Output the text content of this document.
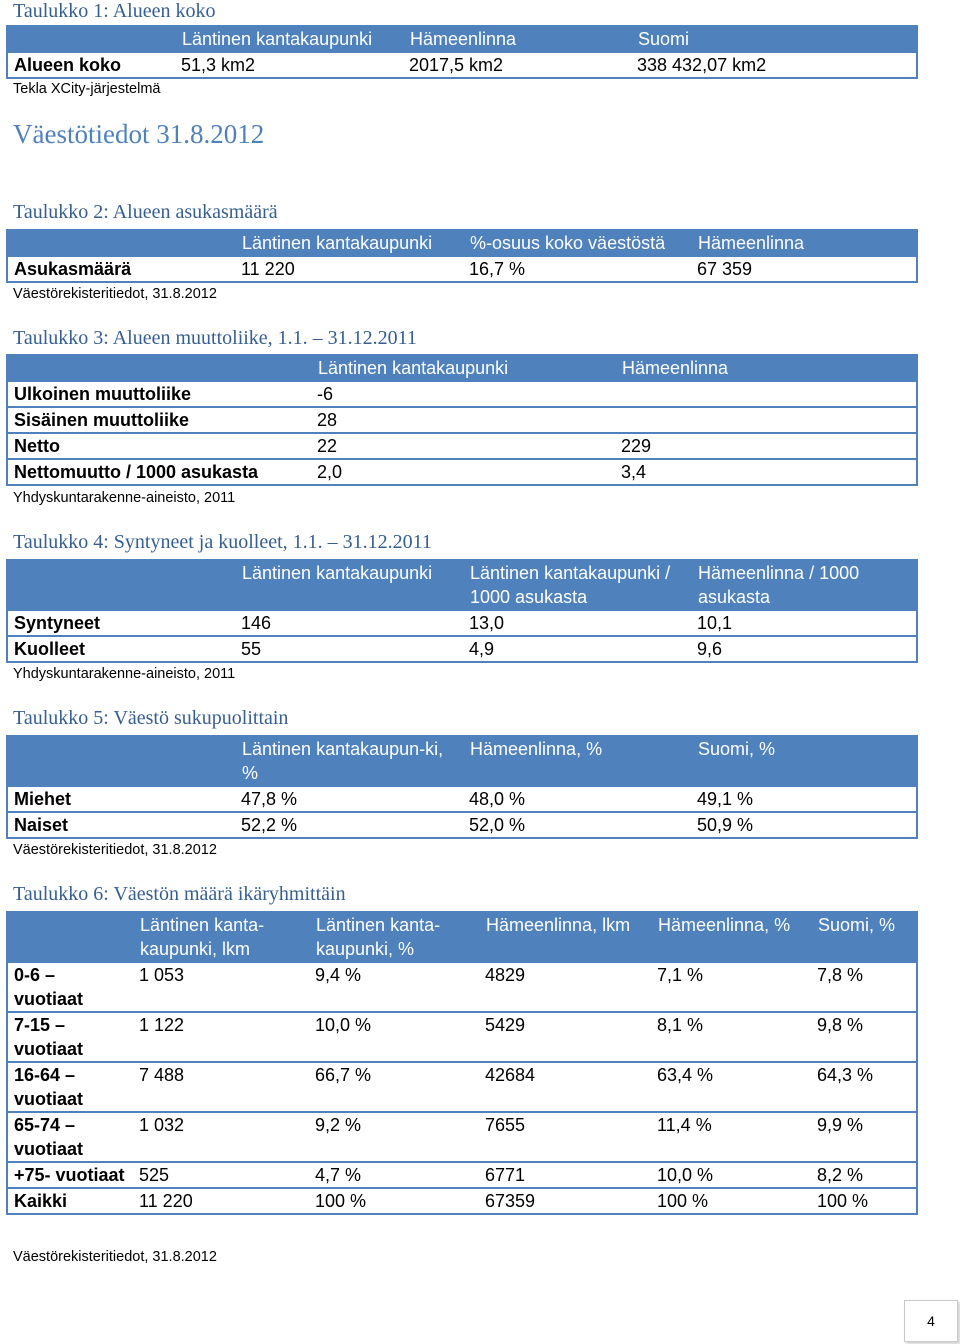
Taulukko 1: Alueen koko
	Läntinen kantakaupunki	Hämeenlinna	Suomi
Alueen koko	51,3 km2	2017,5 km2	338 432,07 km2
Tekla XCity-järjestelmä
Väestötiedot 31.8.2012
Taulukko 2: Alueen asukasmäärä
	Läntinen kantakaupunki	%-osuus koko väestöstä	Hämeenlinna
Asukasmäärä	11 220	16,7 %	67 359
Väestörekisteritiedot, 31.8.2012
Taulukko 3: Alueen muuttoliike, 1.1. – 31.12.2011
	Läntinen kantakaupunki	Hämeenlinna
Ulkoinen muuttoliike	-6	
Sisäinen muuttoliike	28	
Netto	22	229
Nettomuutto / 1000 asukasta	2,0	3,4
Yhdyskuntarakenne-aineisto, 2011
Taulukko 4: Syntyneet ja kuolleet, 1.1. – 31.12.2011
	Läntinen kantakaupunki	Läntinen kantakaupunki / 1000 asukasta	Hämeenlinna / 1000 asukasta
Syntyneet	146	13,0	10,1
Kuolleet	55	4,9	9,6
Yhdyskuntarakenne-aineisto, 2011
Taulukko 5: Väestö sukupuolittain
	Läntinen kantakaupun-ki, %	Hämeenlinna, %	Suomi, %
Miehet	47,8 %	48,0 %	49,1 %
Naiset	52,2 %	52,0 %	50,9 %
Väestörekisteritiedot, 31.8.2012
Taulukko 6: Väestön määrä ikäryhmittäin
	Läntinen kanta-kaupunki, lkm	Läntinen kanta-kaupunki, %	Hämeenlinna, lkm	Hämeenlinna, %	Suomi, %
0-6 – vuotiaat	1 053	9,4 %	4829	7,1 %	7,8 %
7-15 – vuotiaat	1 122	10,0 %	5429	8,1 %	9,8 %
16-64 – vuotiaat	7 488	66,7 %	42684	63,4 %	64,3 %
65-74 – vuotiaat	1 032	9,2 %	7655	11,4 %	9,9 %
+75- vuotiaat	525	4,7 %	6771	10,0 %	8,2 %
Kaikki	11 220	100 %	67359	100 %	100 %
Väestörekisteritiedot, 31.8.2012
4
